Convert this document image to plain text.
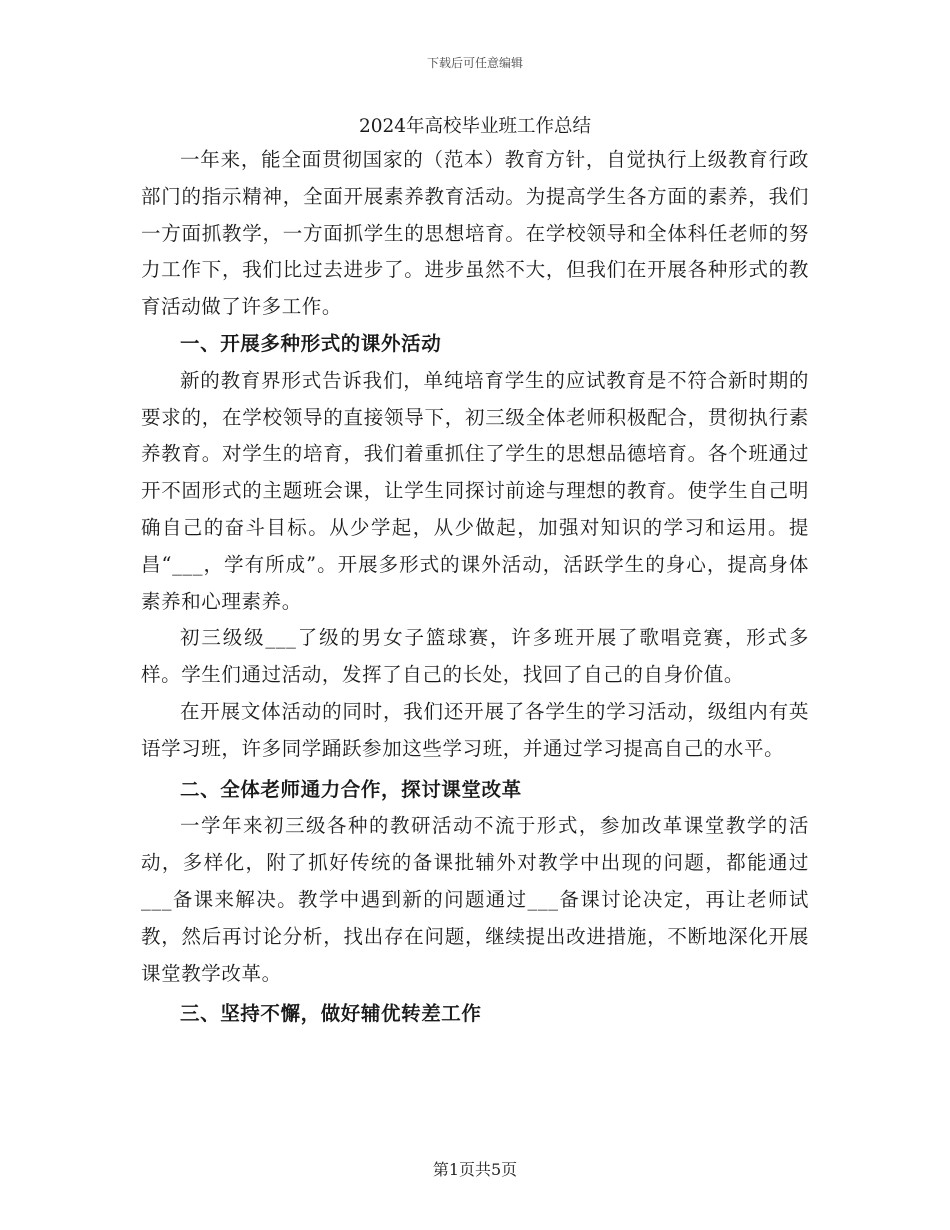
下载后可任意编辑
2024年高校毕业班工作总结

一年来，能全面贯彻国家的（范本）教育方针，自觉执行上级教育行政部门的指示精神，全面开展素养教育活动。为提高学生各方面的素养，我们一方面抓教学，一方面抓学生的思想培育。在学校领导和全体科任老师的努力工作下，我们比过去进步了。进步虽然不大，但我们在开展各种形式的教育活动做了许多工作。

一、开展多种形式的课外活动

新的教育界形式告诉我们，单纯培育学生的应试教育是不符合新时期的要求的，在学校领导的直接领导下，初三级全体老师积极配合，贯彻执行素养教育。对学生的培育，我们着重抓住了学生的思想品德培育。各个班通过开不固形式的主题班会课，让学生同探讨前途与理想的教育。使学生自己明确自己的奋斗目标。从少学起，从少做起，加强对知识的学习和运用。提昌“___，学有所成”。开展多形式的课外活动，活跃学生的身心，提高身体素养和心理素养。

初三级级___了级的男女子篮球赛，许多班开展了歌唱竞赛，形式多样。学生们通过活动，发挥了自己的长处，找回了自己的自身价值。

在开展文体活动的同时，我们还开展了各学生的学习活动，级组内有英语学习班，许多同学踊跃参加这些学习班，并通过学习提高自己的水平。

二、全体老师通力合作，探讨课堂改革

一学年来初三级各种的教研活动不流于形式，参加改革课堂教学的活动，多样化，附了抓好传统的备课批辅外对教学中出现的问题，都能通过___备课来解决。教学中遇到新的问题通过___备课讨论决定，再让老师试教，然后再讨论分析，找出存在问题，继续提出改进措施，不断地深化开展课堂教学改革。

三、坚持不懈，做好辅优转差工作

第1页共5页
